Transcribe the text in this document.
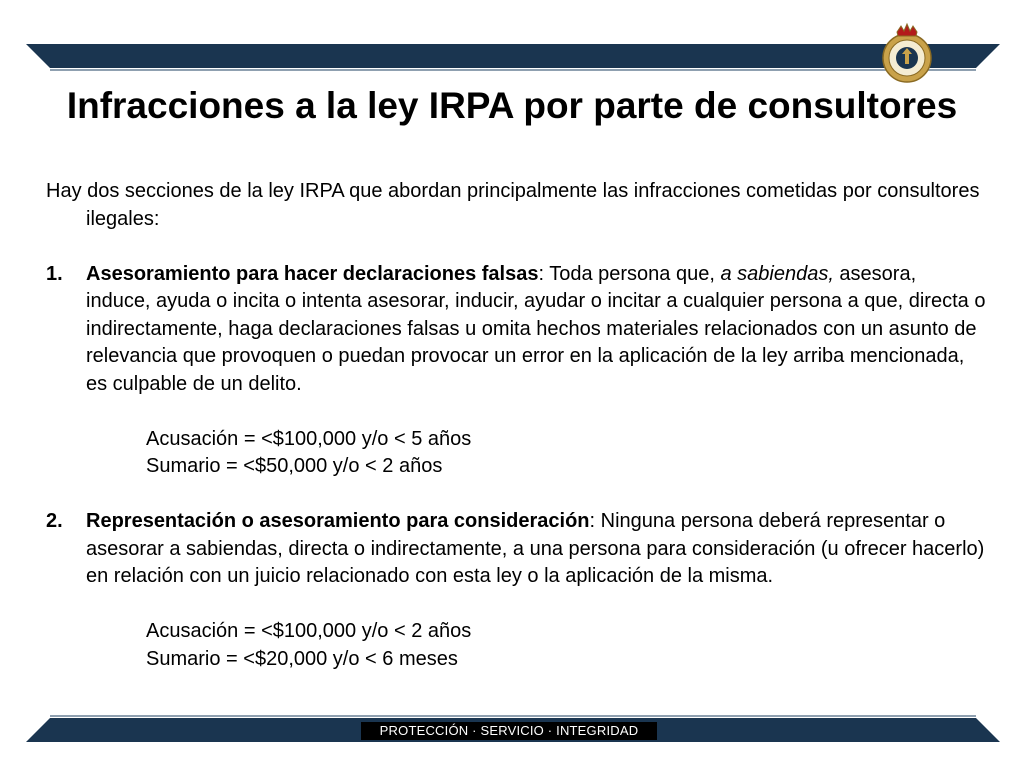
Infracciones a la ley IRPA por parte de consultores

Hay dos secciones de la ley IRPA que abordan principalmente las infracciones cometidas por consultores ilegales:

1. Asesoramiento para hacer declaraciones falsas: Toda persona que, a sabiendas, asesora, induce, ayuda o incita o intenta asesorar, inducir, ayudar o incitar a cualquier persona a que, directa o indirectamente, haga declaraciones falsas u omita hechos materiales relacionados con un asunto de relevancia que provoquen o puedan provocar un error en la aplicación de la ley arriba mencionada, es culpable de un delito.

Acusación = <$100,000 y/o < 5 años

Sumario = <$50,000 y/o < 2 años

2. Representación o asesoramiento para consideración: Ninguna persona deberá representar o asesorar a sabiendas, directa o indirectamente, a una persona para consideración (u ofrecer hacerlo) en relación con un juicio relacionado con esta ley o la aplicación de la misma.

Acusación = <$100,000 y/o < 2 años

Sumario = <$20,000 y/o < 6 meses

PROTECCIÓN · SERVICIO · INTEGRIDAD
